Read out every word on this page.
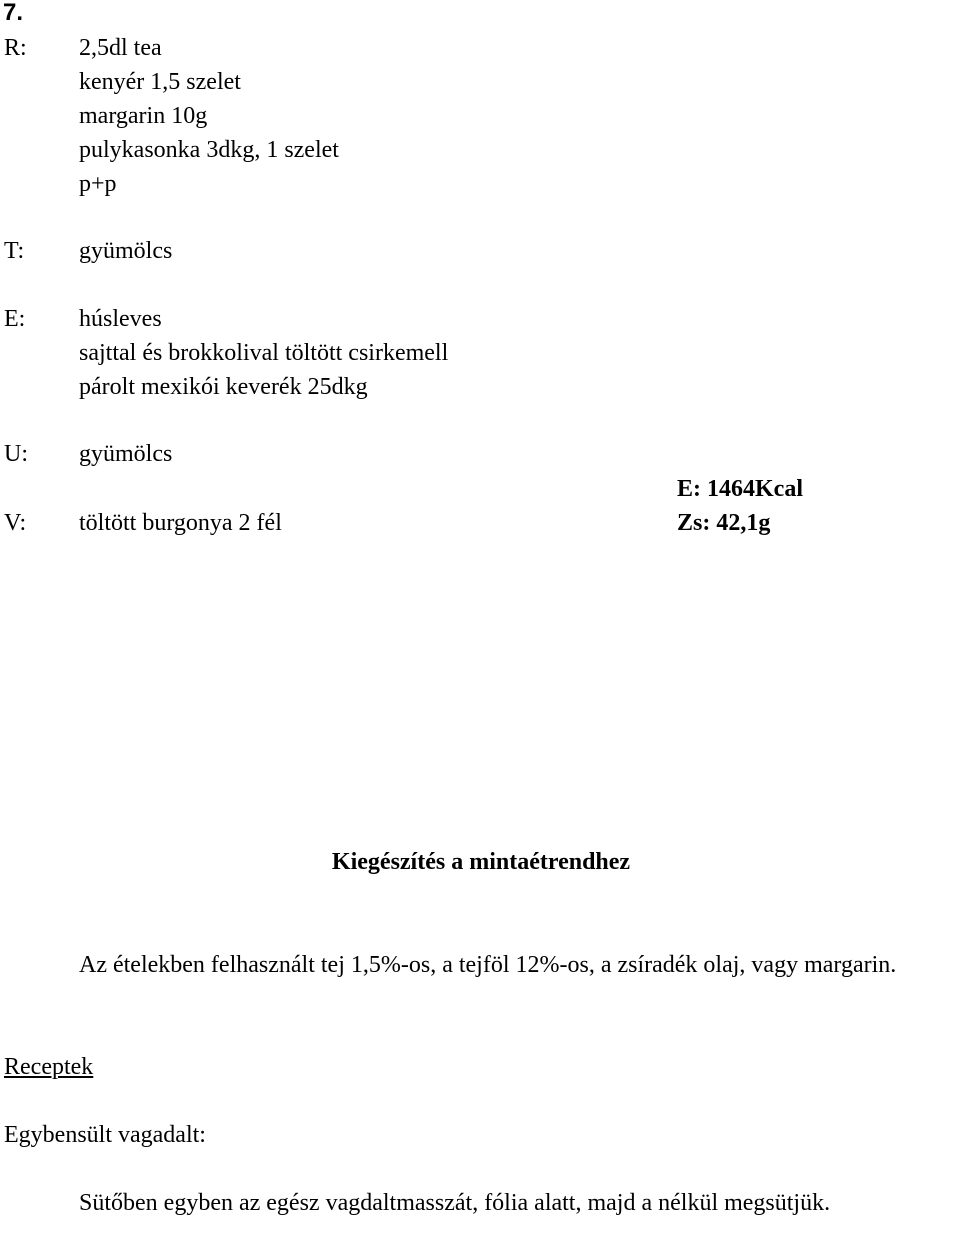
7.
R: 2,5dl tea
kenyér 1,5 szelet
margarin 10g
pulykasonka 3dkg, 1 szelet
p+p
T: gyümölcs
E: húsleves
sajttal és brokkolival töltött csirkemell
párolt mexikói keverék 25dkg
U: gyümölcs
E: 1464Kcal
V: töltött burgonya 2 fél	Zs: 42,1g
Kiegészítés a mintaétrendhez
Az ételekben felhasznált tej 1,5%-os, a tejföl 12%-os, a zsíradék olaj, vagy margarin.
Receptek
Egybensült vagadalt:
Sütőben egyben az egész vagdaltmasszát, fólia alatt, majd a nélkül megsütjük.
